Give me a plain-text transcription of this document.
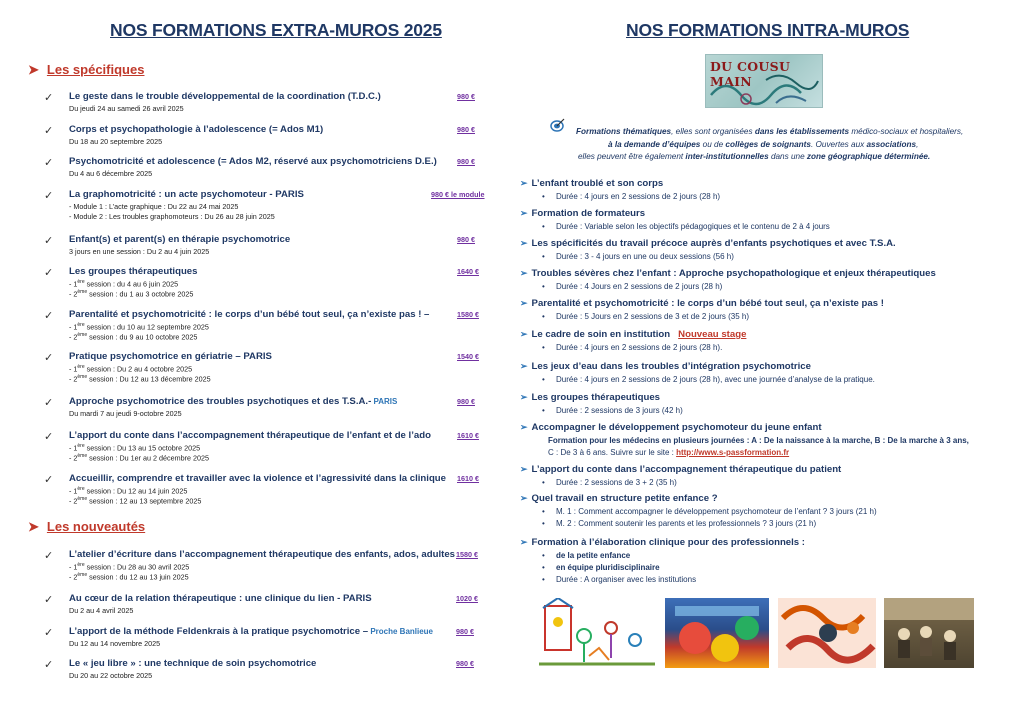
NOS FORMATIONS EXTRA-MUROS 2025
➤ Les spécifiques
✓ Le geste dans le trouble développemental de la coordination (T.D.C.)	980 €
Du jeudi 24 au samedi 26 avril 2025
✓ Corps et psychopathologie à l’adolescence (= Ados M1)	980 €
Du 18 au 20 septembre 2025
✓ Psychomotricité et adolescence (= Ados M2, réservé aux psychomotriciens D.E.)	980 €
Du 4 au 6 décembre 2025
✓ La graphomotricité : un acte psychomoteur - PARIS	980 € le module
- Module 1 : L’acte graphique : Du 22 au 24 mai 2025
- Module 2 : Les troubles graphomoteurs : Du 26 au 28 juin 2025
✓ Enfant(s) et parent(s) en thérapie psychomotrice	980 €
3 jours en une session : Du 2 au 4 juin 2025
✓ Les groupes thérapeutiques	1640 €
- 1ère session : du 4 au 6 juin 2025
- 2ème session : du 1 au 3 octobre 2025
✓ Parentalité et psychomotricité : le corps d’un bébé tout seul, ça n’existe pas ! –	1580 €
- 1ère session : du 10 au 12 septembre 2025
- 2ème session : du 9 au 10 octobre 2025
✓ Pratique psychomotrice en gériatrie – PARIS	1540 €
- 1ère session : Du 2 au 4 octobre 2025
- 2ème session : Du 12 au 13 décembre 2025
✓ Approche psychomotrice des troubles psychotiques et des T.S.A.- PARIS	980 €
Du mardi 7 au jeudi 9-octobre 2025
✓ L’apport du conte dans l’accompagnement thérapeutique de l’enfant et de l’ado	1610 €
- 1ère session : Du 13 au 15 octobre 2025
- 2ème session : Du 1er au 2 décembre 2025
✓ Accueillir, comprendre et travailler avec la violence et l’agressivité dans la clinique 1610 €
- 1ère session : Du 12 au 14 juin 2025
- 2ème session : 12 au 13 septembre 2025
➤ Les nouveautés
✓ L’atelier d’écriture dans l’accompagnement thérapeutique des enfants, ados, adultes 1580 €
- 1ère session : Du 28 au 30 avril 2025
- 2ème session : du 12 au 13 juin 2025
✓ Au cœur de la relation thérapeutique : une clinique du lien - PARIS	1020 €
Du 2 au 4 avril 2025
✓ L’apport de la méthode Feldenkrais à la pratique psychomotrice – Proche Banlieue	980 €
Du 12 au 14 novembre 2025
✓ Le « jeu libre » : une technique de soin psychomotrice	980 €
Du 20 au 22 octobre 2025
NOS FORMATIONS INTRA-MUROS
DU COUSU MAIN
Formations thématiques, elles sont organisées dans les établissements médico-sociaux et hospitaliers,
à la demande d’équipes ou de collèges de soignants. Ouvertes aux associations,
elles peuvent être également inter-institutionnelles dans une zone géographique déterminée.
➢ L’enfant troublé et son corps
• Durée : 4 jours en 2 sessions de 2 jours (28 h)
➢ Formation de formateurs
• Durée : Variable selon les objectifs pédagogiques et le contenu de 2 à 4 jours
➢ Les spécificités du travail précoce auprès d’enfants psychotiques et avec T.S.A.
• Durée : 3 - 4 jours en une ou deux sessions (56 h)
➢ Troubles sévères chez l’enfant : Approche psychopathologique et enjeux thérapeutiques
• Durée : 4 Jours en 2 sessions de 2 jours (28 h)
➢ Parentalité et psychomotricité : le corps d’un bébé tout seul, ça n’existe pas !
• Durée : 5 Jours en 2 sessions de 3 et de 2 jours (35 h)
➢ Le cadre de soin en institution Nouveau stage
• Durée : 4 jours en 2 sessions de 2 jours (28 h).
➢ Les jeux d’eau dans les troubles d’intégration psychomotrice
• Durée : 4 jours en 2 sessions de 2 jours (28 h), avec une journée d’analyse de la pratique.
➢ Les groupes thérapeutiques
• Durée : 2 sessions de 3 jours (42 h)
➢ Accompagner le développement psychomoteur du jeune enfant
Formation pour les médecins en plusieurs journées : A : De la naissance à la marche, B : De la marche à 3 ans,
C : De 3 à 6 ans. Suivre sur le site : http://www.s-passformation.fr
➢ L’apport du conte dans l’accompagnement thérapeutique du patient
• Durée : 2 sessions de 3 + 2 (35 h)
➢ Quel travail en structure petite enfance ?
• M. 1 : Comment accompagner le développement psychomoteur de l’enfant ? 3 jours (21 h)
• M. 2 : Comment soutenir les parents et les professionnels ? 3 jours (21 h)
➢ Formation à l’élaboration clinique pour des professionnels :
• de la petite enfance
• en équipe pluridisciplinaire
• Durée : A organiser avec les institutions
